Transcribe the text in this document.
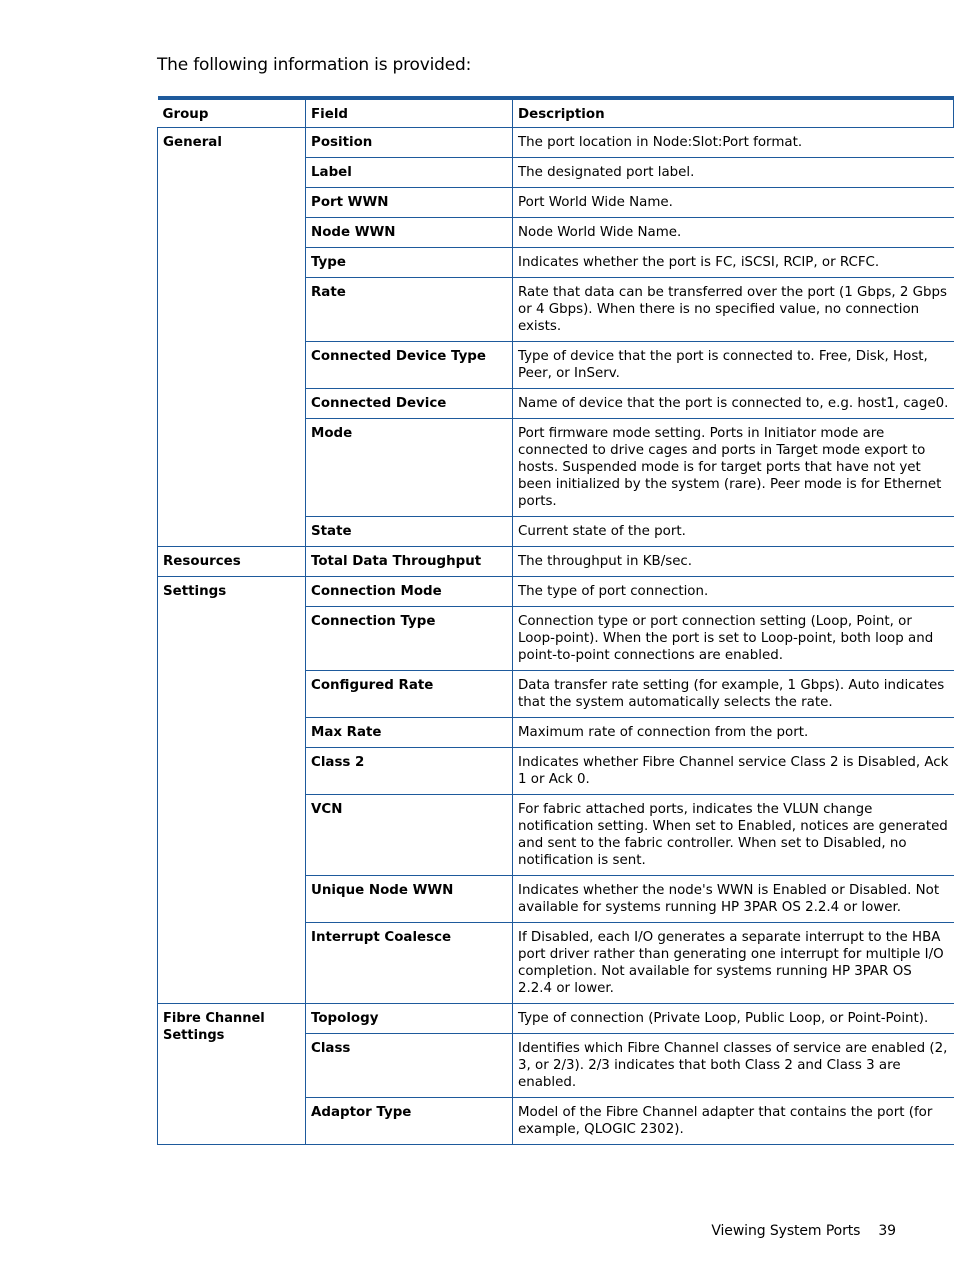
The following information is provided:
Group	Field	Description
General	Position	The port location in Node:Slot:Port format.
	Label	The designated port label.
	Port WWN	Port World Wide Name.
	Node WWN	Node World Wide Name.
	Type	Indicates whether the port is FC, iSCSI, RCIP, or RCFC.
	Rate	Rate that data can be transferred over the port (1 Gbps, 2 Gbps or 4 Gbps). When there is no specified value, no connection exists.
	Connected Device Type	Type of device that the port is connected to. Free, Disk, Host, Peer, or InServ.
	Connected Device	Name of device that the port is connected to, e.g. host1, cage0.
	Mode	Port firmware mode setting. Ports in Initiator mode are connected to drive cages and ports in Target mode export to hosts. Suspended mode is for target ports that have not yet been initialized by the system (rare). Peer mode is for Ethernet ports.
	State	Current state of the port.
Resources	Total Data Throughput	The throughput in KB/sec.
Settings	Connection Mode	The type of port connection.
	Connection Type	Connection type or port connection setting (Loop, Point, or Loop-point). When the port is set to Loop-point, both loop and point-to-point connections are enabled.
	Configured Rate	Data transfer rate setting (for example, 1 Gbps). Auto indicates that the system automatically selects the rate.
	Max Rate	Maximum rate of connection from the port.
	Class 2	Indicates whether Fibre Channel service Class 2 is Disabled, Ack 1 or Ack 0.
	VCN	For fabric attached ports, indicates the VLUN change notification setting. When set to Enabled, notices are generated and sent to the fabric controller. When set to Disabled, no notification is sent.
	Unique Node WWN	Indicates whether the node's WWN is Enabled or Disabled. Not available for systems running HP 3PAR OS 2.2.4 or lower.
	Interrupt Coalesce	If Disabled, each I/O generates a separate interrupt to the HBA port driver rather than generating one interrupt for multiple I/O completion. Not available for systems running HP 3PAR OS 2.2.4 or lower.
Fibre Channel Settings	Topology	Type of connection (Private Loop, Public Loop, or Point-Point).
	Class	Identifies which Fibre Channel classes of service are enabled (2, 3, or 2/3). 2/3 indicates that both Class 2 and Class 3 are enabled.
	Adaptor Type	Model of the Fibre Channel adapter that contains the port (for example, QLOGIC 2302).
Viewing System Ports 39
